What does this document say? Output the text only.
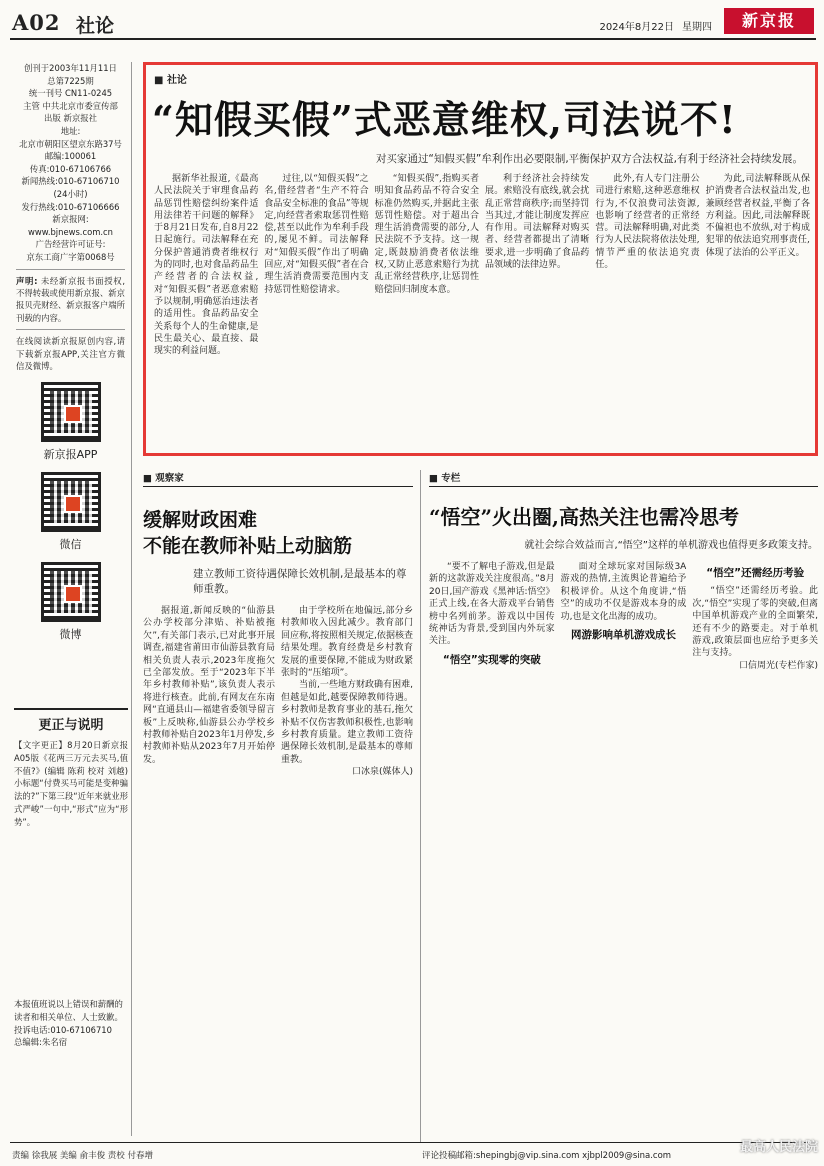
A02 社论	2024年8月22日 星期四	新京报
创刊于2003年11月11日
总第7225期
统一刊号 CN11-0245
主管 中共北京市委宣传部
出版 新京报社
地址:
北京市朝阳区望京东路37号
邮编:100061
传真:010-67106766
新闻热线:010-67106710
(24小时)
发行热线:010-67106666
新京报网:
www.bjnews.com.cn
广告经营许可证号:
京东工商广字第0068号
声明: 未经新京报书面授权,不得转载或使用新京报、新京报贝壳财经、新京报客户端所刊载的内容。
在线阅读新京报原创内容,请下载新京报APP,关注官方微信及微博。
新京报APP
微信
微博
更正与说明
【文字更正】8月20日新京报A05版《花两三万元去买马,值不值?》(编辑 陈莉 校对 刘越)小标题“付费买马可能是变种骗法的?”下第三段“近年来就业形式严峻”一句中,“形式”应为“形势”。
本报值班说以上错误和薪酬的读者和相关单位、人士致歉。
投诉电话:010-67106710
总编辑:朱名宿
■ 社论
“知假买假”式恶意维权,司法说不!
对买家通过“知假买假”牟利作出必要限制,平衡保护双方合法权益,有利于经济社会持续发展。

据新华社报道,《最高人民法院关于审理食品药品惩罚性赔偿纠纷案件适用法律若干问题的解释》于8月21日发布,自8月22日起施行。司法解释在充分保护普通消费者维权行为的同时,也对食品药品生产经营者的合法权益,对“知假买假”者恶意索赔予以规制,明确惩治违法者的适用性。食品药品安全关系每个人的生命健康,是民生最关心、最直接、最现实的利益问题。

过往,以“知假买假”之名,借经营者“生产不符合食品安全标准的食品”等规定,向经营者索取惩罚性赔偿,甚至以此作为牟利手段的,屡见不鲜。司法解释对“知假买假”作出了明确回应,对“知假买假”者在合理生活消费需要范围内支持惩罚性赔偿请求。

“知假买假”,指购买者明知食品药品不符合安全标准仍然购买,并据此主张惩罚性赔偿。对于超出合理生活消费需要的部分,人民法院不予支持。这一规定,既鼓励消费者依法维权,又防止恶意索赔行为扰乱正常经营秩序,让惩罚性赔偿回归制度本意。

利于经济社会持续发展。索赔没有底线,就会扰乱正常营商秩序;而坚持罚当其过,才能让制度发挥应有作用。司法解释对购买者、经营者都提出了清晰要求,进一步明确了食品药品领域的法律边界。

此外,有人专门注册公司进行索赔,这种恶意维权行为,不仅浪费司法资源,也影响了经营者的正常经营。司法解释明确,对此类行为人民法院将依法处理,情节严重的依法追究责任。

为此,司法解释既从保护消费者合法权益出发,也兼顾经营者权益,平衡了各方利益。因此,司法解释既不偏袒也不放纵,对于构成犯罪的依法追究刑事责任,体现了法治的公平正义。

■ 观察家
缓解财政困难
不能在教师补贴上动脑筋
建立教师工资待遇保障长效机制,是最基本的尊师重教。

据报道,新闻反映的“仙游县公办学校部分津贴、补贴被拖欠”,有关部门表示,已对此事开展调查,福建省莆田市仙游县教育局相关负责人表示,2023年度拖欠已全部发放。至于“2023年下半年乡村教师补贴”,该负责人表示将进行核查。此前,有网友在东南网“直通县山—福建省委领导留言板”上反映称,仙游县公办学校乡村教师补贴自2023年1月停发,乡村教师补贴从2023年7月开始停发。

由于学校所在地偏远,部分乡村教师收入因此减少。教育部门回应称,将按照相关规定,依据核查结果处理。教育经费是乡村教育发展的重要保障,不能成为财政紧张时的“压缩项”。

当前,一些地方财政确有困难,但越是如此,越要保障教师待遇。乡村教师是教育事业的基石,拖欠补贴不仅伤害教师积极性,也影响乡村教育质量。建立教师工资待遇保障长效机制,是最基本的尊师重教。

口冰泉(媒体人)

■ 专栏
“悟空”火出圈,高热关注也需冷思考
就社会综合效益而言,“悟空”这样的单机游戏也值得更多政策支持。

“要不了解电子游戏,但是最新的这款游戏关注度很高。”8月20日,国产游戏《黑神话:悟空》正式上线,在各大游戏平台销售榜中名列前茅。游戏以中国传统神话为背景,受到国内外玩家关注。

“悟空”实现零的突破

面对全球玩家对国际级3A游戏的热情,主流舆论普遍给予积极评价。从这个角度讲,“悟空”的成功不仅是游戏本身的成功,也是文化出海的成功。

网游影响单机游戏成长

“悟空”还需经历考验

“悟空”还需经历考验。此次,“悟空”实现了零的突破,但离中国单机游戏产业的全面繁荣,还有不少的路要走。对于单机游戏,政策层面也应给予更多关注与支持。

口信周光(专栏作家)

责编 徐我展 美编 俞丰俊 责校 付春增	评论投稿邮箱:shepingbj@vip.sina.com xjbpl2009@sina.com
最高人民法院
